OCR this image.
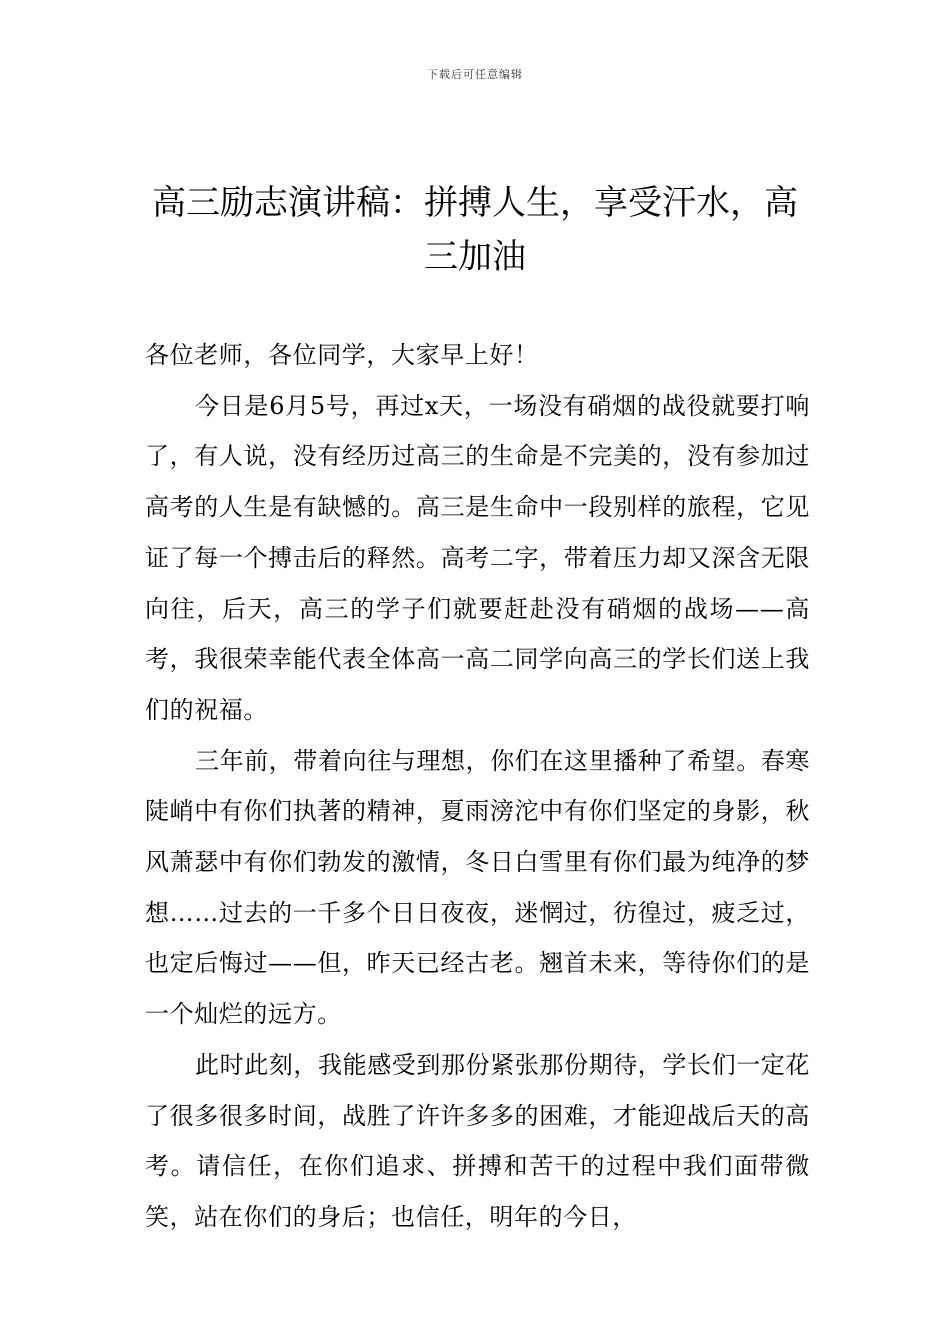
下载后可任意编辑
高三励志演讲稿：拼搏人生，享受汗水，高三加油

各位老师，各位同学，大家早上好！

今日是6月5号，再过x天，一场没有硝烟的战役就要打响了，有人说，没有经历过高三的生命是不完美的，没有参加过高考的人生是有缺憾的。高三是生命中一段别样的旅程，它见证了每一个搏击后的释然。高考二字，带着压力却又深含无限向往，后天，高三的学子们就要赶赴没有硝烟的战场——高考，我很荣幸能代表全体高一高二同学向高三的学长们送上我们的祝福。

三年前，带着向往与理想，你们在这里播种了希望。春寒陡峭中有你们执著的精神，夏雨滂沱中有你们坚定的身影，秋风萧瑟中有你们勃发的激情，冬日白雪里有你们最为纯净的梦想……过去的一千多个日日夜夜，迷惘过，彷徨过，疲乏过，也定后悔过——但，昨天已经古老。翘首未来，等待你们的是一个灿烂的远方。

此时此刻，我能感受到那份紧张那份期待，学长们一定花了很多很多时间，战胜了许许多多的困难，才能迎战后天的高考。请信任，在你们追求、拼搏和苦干的过程中我们面带微笑，站在你们的身后；也信任，明年的今日，
